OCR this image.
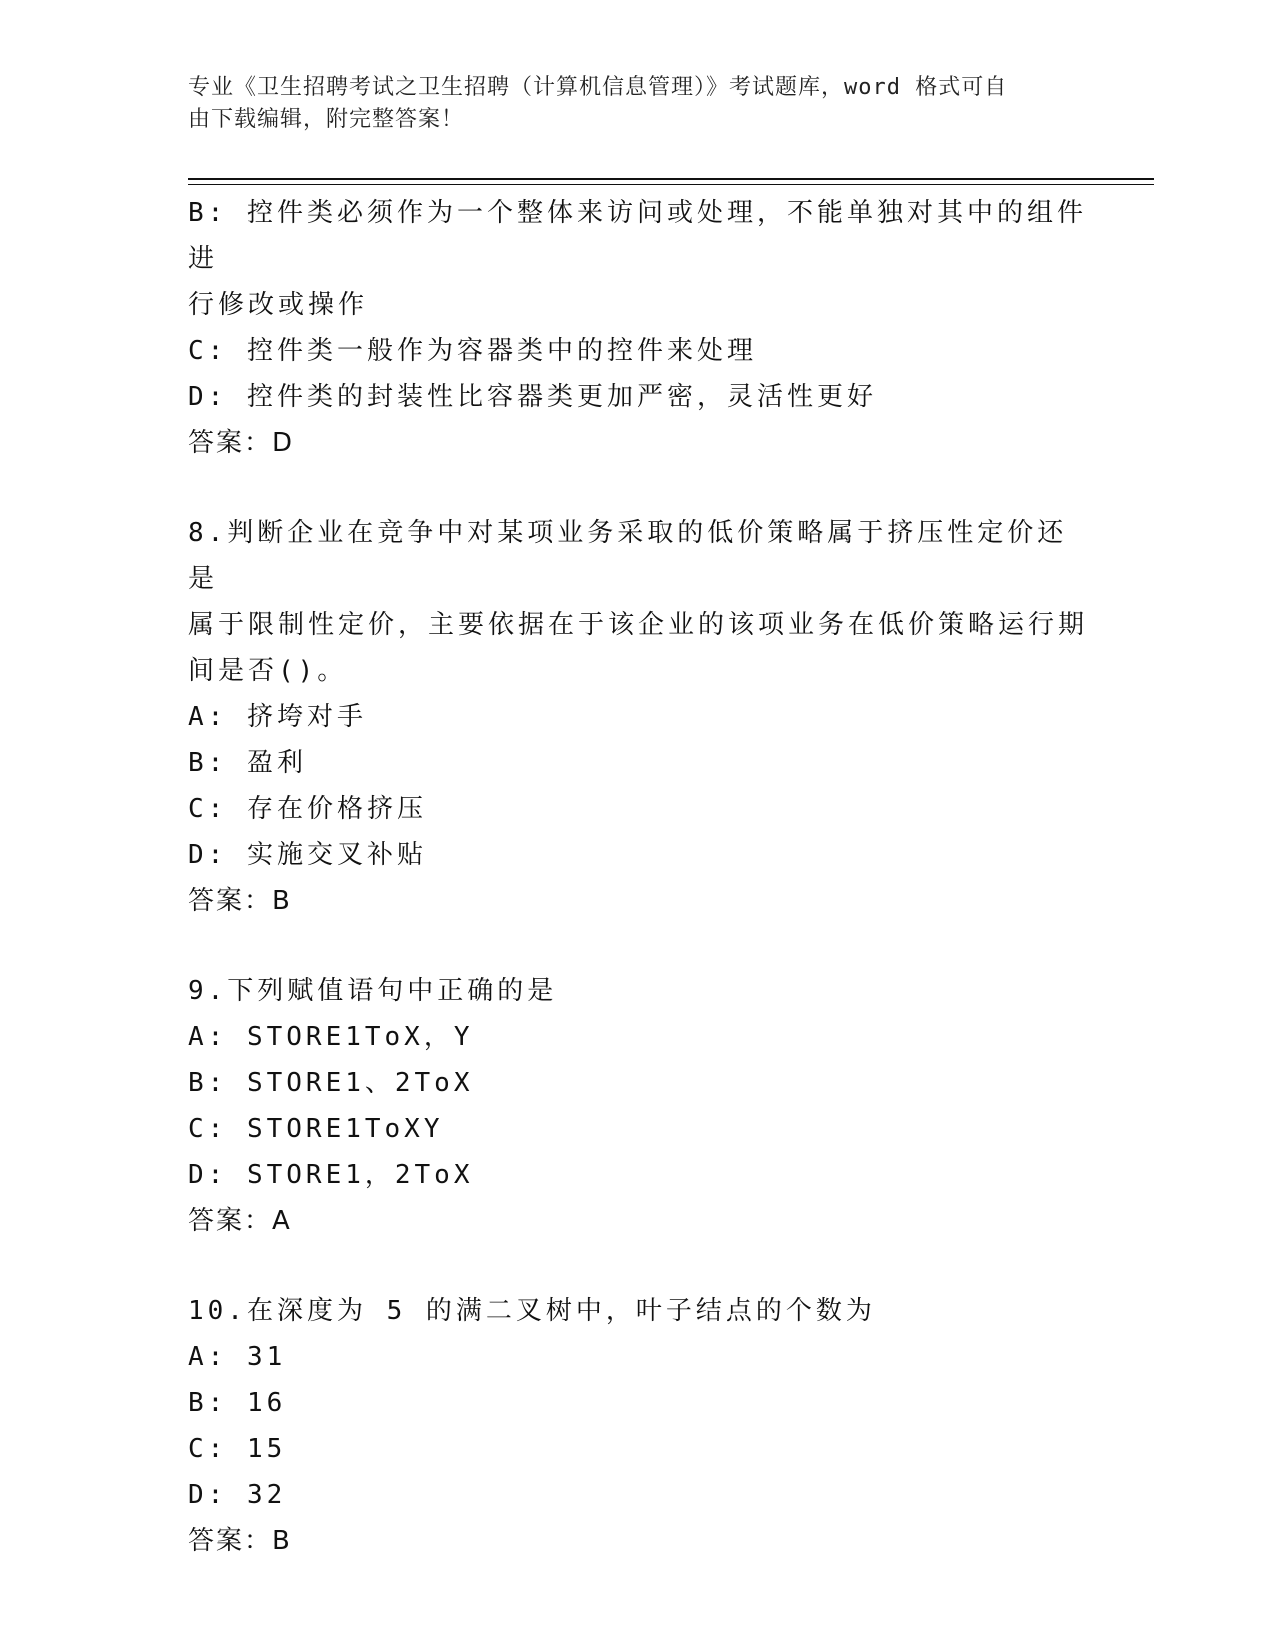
专业《卫生招聘考试之卫生招聘（计算机信息管理）》考试题库，word 格式可自
由下载编辑，附完整答案！

B: 控件类必须作为一个整体来访问或处理，不能单独对其中的组件进

行修改或操作

C: 控件类一般作为容器类中的控件来处理

D: 控件类的封装性比容器类更加严密，灵活性更好

答案：D

8.判断企业在竞争中对某项业务采取的低价策略属于挤压性定价还是

属于限制性定价，主要依据在于该企业的该项业务在低价策略运行期

间是否()。

A: 挤垮对手

B: 盈利

C: 存在价格挤压

D: 实施交叉补贴

答案：B

9.下列赋值语句中正确的是

A: STORE1ToX，Y

B: STORE1、2ToX

C: STORE1ToXY

D: STORE1，2ToX

答案：A

10.在深度为 5 的满二叉树中，叶子结点的个数为

A: 31

B: 16

C: 15

D: 32

答案：B
